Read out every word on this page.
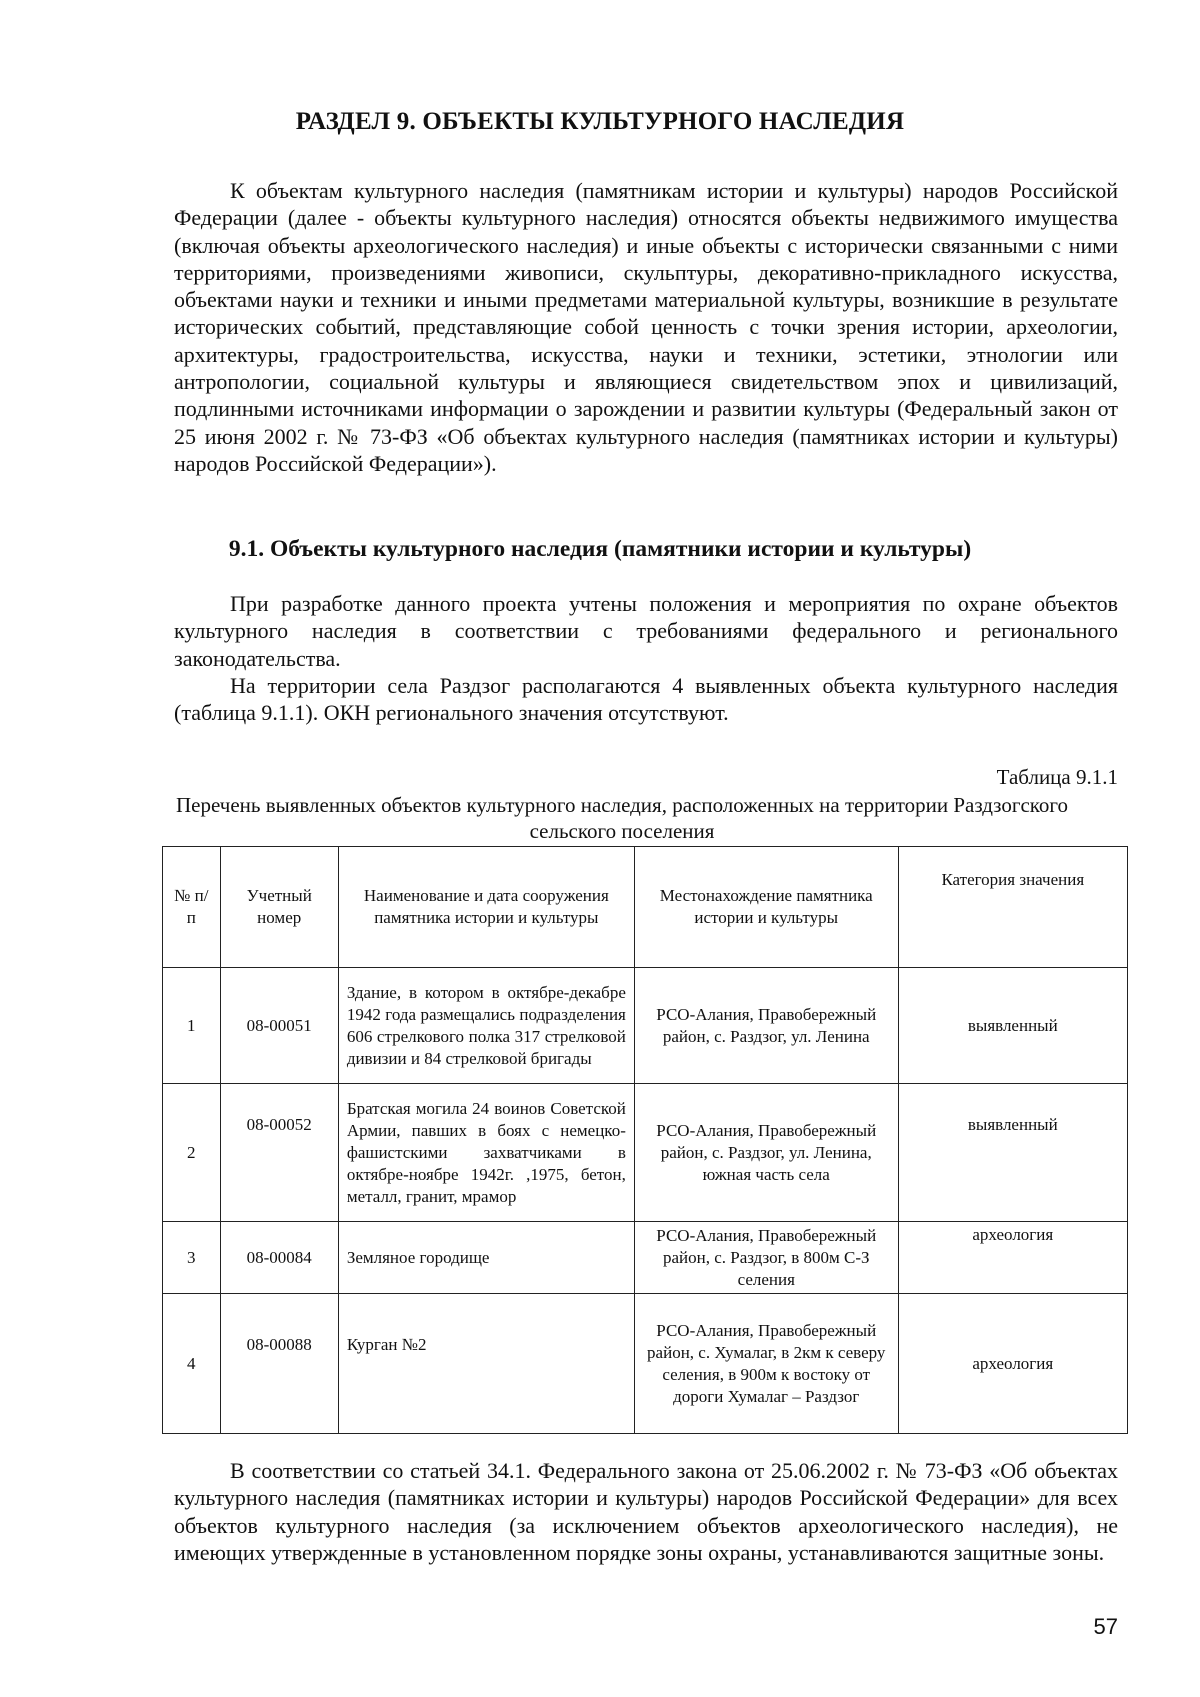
РАЗДЕЛ 9. ОБЪЕКТЫ КУЛЬТУРНОГО НАСЛЕДИЯ

К объектам культурного наследия (памятникам истории и культуры) народов Российской Федерации (далее - объекты культурного наследия) относятся объекты недвижимого имущества (включая объекты археологического наследия) и иные объекты с исторически связанными с ними территориями, произведениями живописи, скульптуры, декоративно-прикладного искусства, объектами науки и техники и иными предметами материальной культуры, возникшие в результате исторических событий, представляющие собой ценность с точки зрения истории, археологии, архитектуры, градостроительства, искусства, науки и техники, эстетики, этнологии или антропологии, социальной культуры и являющиеся свидетельством эпох и цивилизаций, подлинными источниками информации о зарождении и развитии культуры (Федеральный закон от 25 июня 2002 г. № 73-ФЗ «Об объектах культурного наследия (памятниках истории и культуры) народов Российской Федерации»).

9.1. Объекты культурного наследия (памятники истории и культуры)

При разработке данного проекта учтены положения и мероприятия по охране объектов культурного наследия в соответствии с требованиями федерального и регионального законодательства.

На территории села Раздзог располагаются 4 выявленных объекта культурного наследия (таблица 9.1.1). ОКН регионального значения отсутствуют.

Таблица 9.1.1

Перечень выявленных объектов культурного наследия, расположенных на территории Раздзогского сельского поселения

№ п/п	Учетный номер	Наименование и дата сооружения памятника истории и культуры	Местонахождение памятника истории и культуры	Категория значения
1	08-00051	Здание, в котором в октябре-декабре 1942 года размещались подразделения 606 стрелкового полка 317 стрелковой дивизии и 84 стрелковой бригады	РСО-Алания, Правобережный район, с. Раздзог, ул. Ленина	выявленный
2	08-00052	Братская могила 24 воинов Советской Армии, павших в боях с немецко-фашистскими захватчиками в октябре-ноябре 1942г. ,1975, бетон, металл, гранит, мрамор	РСО-Алания, Правобережный район, с. Раздзог, ул. Ленина, южная часть села	выявленный
3	08-00084	Земляное городище	РСО-Алания, Правобережный район, с. Раздзог, в 800м С-З селения	археология
4	08-00088	Курган №2	РСО-Алания, Правобережный район, с. Хумалаг, в 2км к северу селения, в 900м к востоку от дороги Хумалаг – Раздзог	археология

В соответствии со статьей 34.1. Федерального закона от 25.06.2002 г. № 73-ФЗ «Об объектах культурного наследия (памятниках истории и культуры) народов Российской Федерации» для всех объектов культурного наследия (за исключением объектов археологического наследия), не имеющих утвержденные в установленном порядке зоны охраны, устанавливаются защитные зоны.

57
